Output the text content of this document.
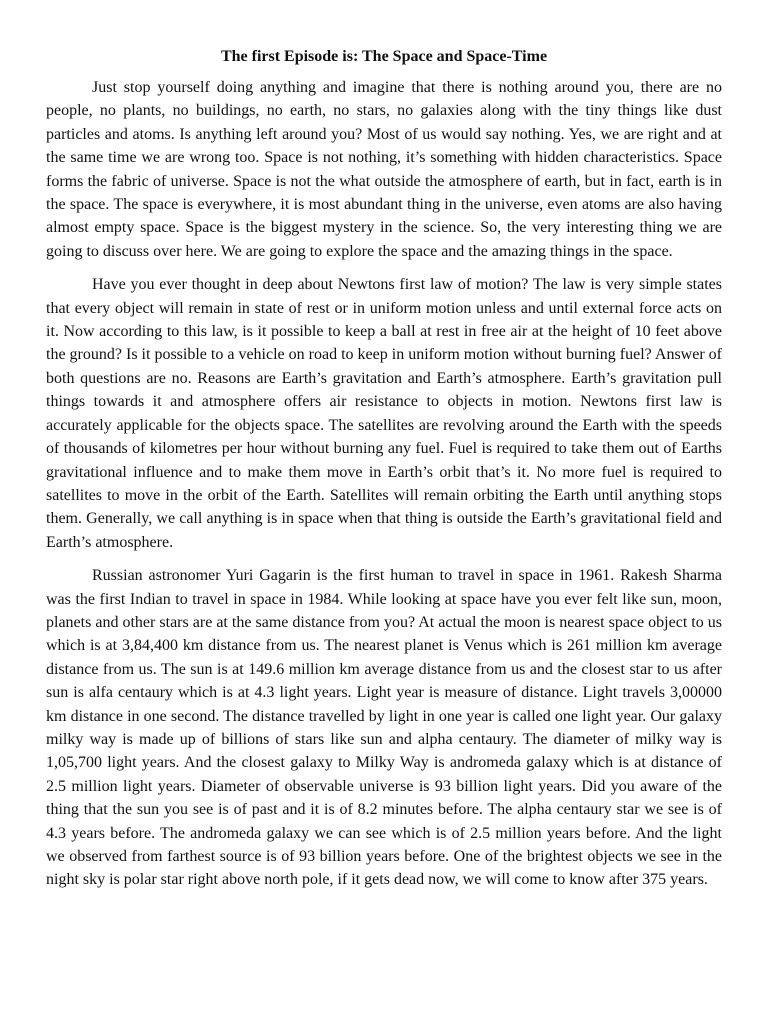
The first Episode is: The Space and Space-Time

Just stop yourself doing anything and imagine that there is nothing around you, there are no people, no plants, no buildings, no earth, no stars, no galaxies along with the tiny things like dust particles and atoms. Is anything left around you? Most of us would say nothing. Yes, we are right and at the same time we are wrong too. Space is not nothing, it’s something with hidden characteristics. Space forms the fabric of universe. Space is not the what outside the atmosphere of earth, but in fact, earth is in the space. The space is everywhere, it is most abundant thing in the universe, even atoms are also having almost empty space. Space is the biggest mystery in the science. So, the very interesting thing we are going to discuss over here. We are going to explore the space and the amazing things in the space.

Have you ever thought in deep about Newtons first law of motion? The law is very simple states that every object will remain in state of rest or in uniform motion unless and until external force acts on it. Now according to this law, is it possible to keep a ball at rest in free air at the height of 10 feet above the ground? Is it possible to a vehicle on road to keep in uniform motion without burning fuel? Answer of both questions are no. Reasons are Earth’s gravitation and Earth’s atmosphere. Earth’s gravitation pull things towards it and atmosphere offers air resistance to objects in motion. Newtons first law is accurately applicable for the objects space. The satellites are revolving around the Earth with the speeds of thousands of kilometres per hour without burning any fuel. Fuel is required to take them out of Earths gravitational influence and to make them move in Earth’s orbit that’s it. No more fuel is required to satellites to move in the orbit of the Earth. Satellites will remain orbiting the Earth until anything stops them. Generally, we call anything is in space when that thing is outside the Earth’s gravitational field and Earth’s atmosphere.

Russian astronomer Yuri Gagarin is the first human to travel in space in 1961. Rakesh Sharma was the first Indian to travel in space in 1984. While looking at space have you ever felt like sun, moon, planets and other stars are at the same distance from you? At actual the moon is nearest space object to us which is at 3,84,400 km distance from us. The nearest planet is Venus which is 261 million km average distance from us. The sun is at 149.6 million km average distance from us and the closest star to us after sun is alfa centaury which is at 4.3 light years. Light year is measure of distance. Light travels 3,00000 km distance in one second. The distance travelled by light in one year is called one light year. Our galaxy milky way is made up of billions of stars like sun and alpha centaury. The diameter of milky way is 1,05,700 light years. And the closest galaxy to Milky Way is andromeda galaxy which is at distance of 2.5 million light years. Diameter of observable universe is 93 billion light years. Did you aware of the thing that the sun you see is of past and it is of 8.2 minutes before. The alpha centaury star we see is of 4.3 years before. The andromeda galaxy we can see which is of 2.5 million years before. And the light we observed from farthest source is of 93 billion years before. One of the brightest objects we see in the night sky is polar star right above north pole, if it gets dead now, we will come to know after 375 years.
